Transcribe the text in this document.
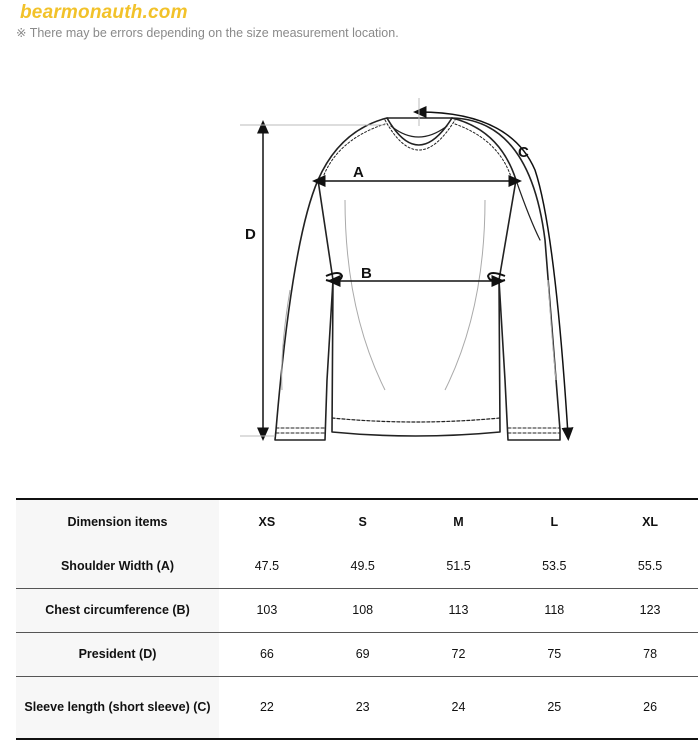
bearmonauth.com
※ There may be errors depending on the size measurement location.
A
B
C
D
Dimension items	XS	S	M	L	XL
Shoulder Width (A)	47.5	49.5	51.5	53.5	55.5
Chest circumference (B)	103	108	113	118	123
President (D)	66	69	72	75	78
Sleeve length (short sleeve) (C)	22	23	24	25	26
